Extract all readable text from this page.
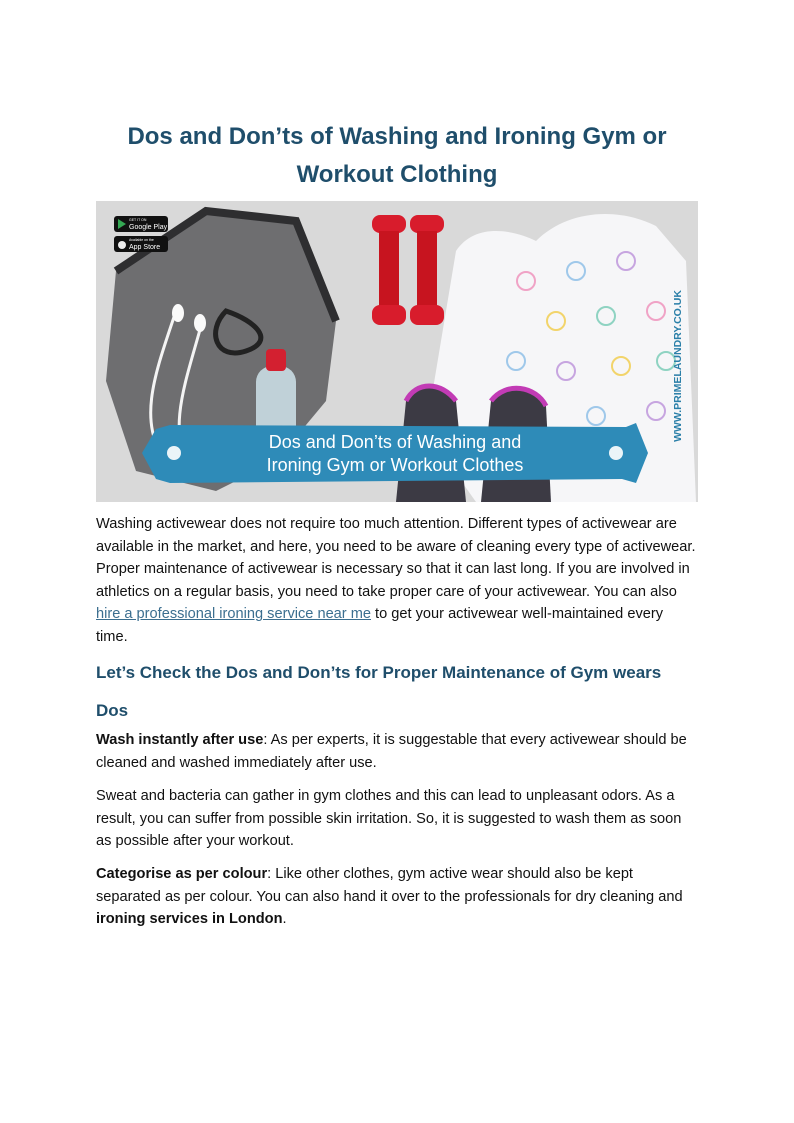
Dos and Don’ts of Washing and Ironing Gym or Workout Clothing
Dos and Don’ts of Washing and
Ironing Gym or Workout Clothes
GET IT ON
Google Play
Available on the
App Store
WWW.PRIMELAUNDRY.CO.UK

Washing activewear does not require too much attention. Different types of activewear are available in the market, and here, you need to be aware of cleaning every type of activewear. Proper maintenance of activewear is necessary so that it can last long. If you are involved in athletics on a regular basis, you need to take proper care of your activewear. You can also hire a professional ironing service near me to get your activewear well-maintained every time.

Let’s Check the Dos and Don’ts for Proper Maintenance of Gym wears
Dos

Wash instantly after use: As per experts, it is suggestable that every activewear should be cleaned and washed immediately after use.

Sweat and bacteria can gather in gym clothes and this can lead to unpleasant odors. As a result, you can suffer from possible skin irritation. So, it is suggested to wash them as soon as possible after your workout.

Categorise as per colour: Like other clothes, gym active wear should also be kept separated as per colour. You can also hand it over to the professionals for dry cleaning and ironing services in London.
